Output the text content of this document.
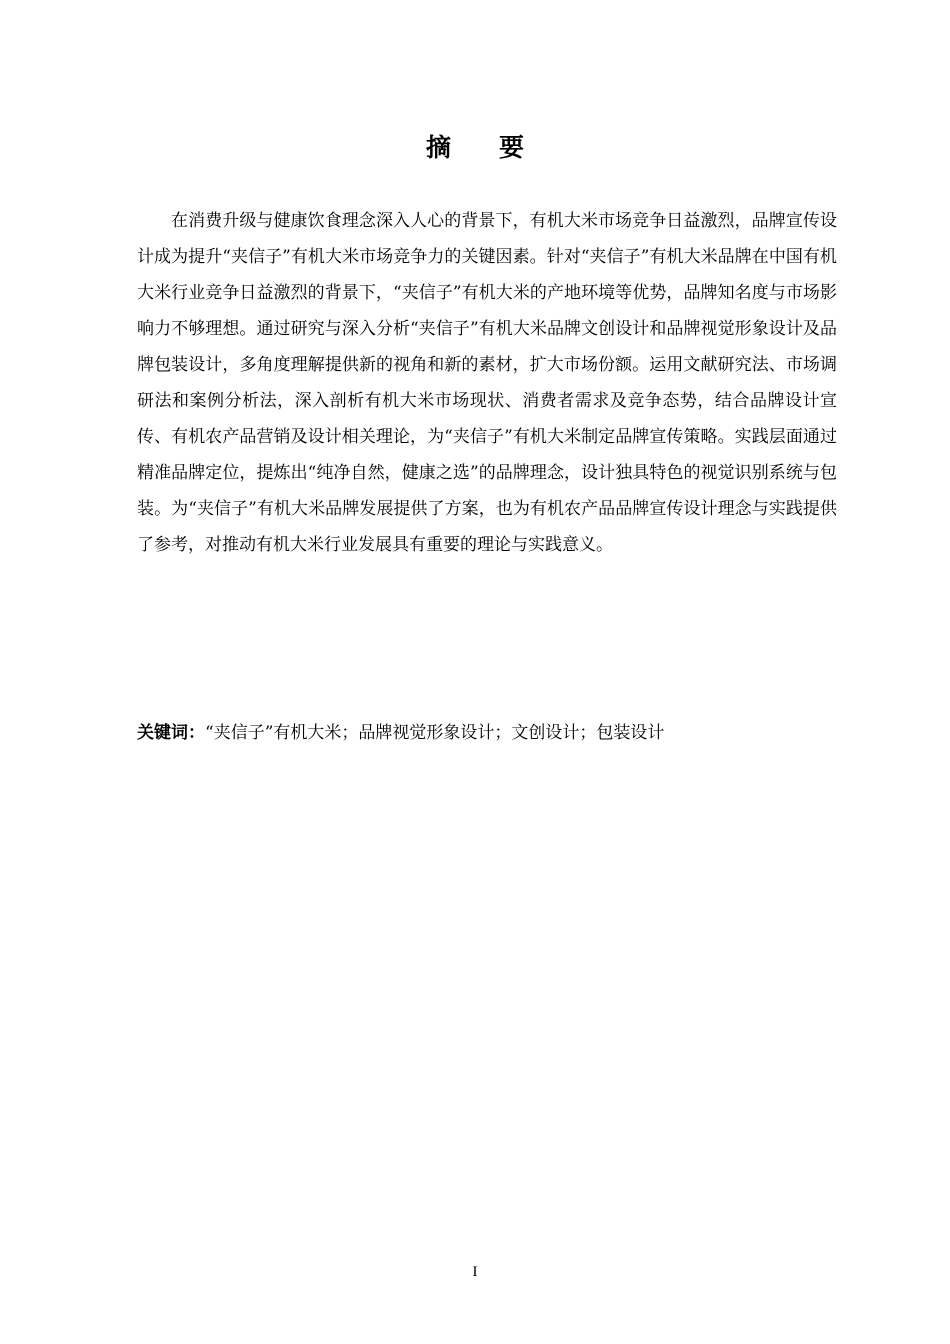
摘 要

在消费升级与健康饮食理念深入人心的背景下，有机大米市场竞争日益激烈，品牌宣传设计成为提升“夹信子”有机大米市场竞争力的关键因素。针对“夹信子”有机大米品牌在中国有机大米行业竞争日益激烈的背景下，“夹信子”有机大米的产地环境等优势，品牌知名度与市场影响力不够理想。通过研究与深入分析“夹信子”有机大米品牌文创设计和品牌视觉形象设计及品牌包装设计，多角度理解提供新的视角和新的素材，扩大市场份额。运用文献研究法、市场调研法和案例分析法，深入剖析有机大米市场现状、消费者需求及竞争态势，结合品牌设计宣传、有机农产品营销及设计相关理论，为“夹信子”有机大米制定品牌宣传策略。实践层面通过精准品牌定位，提炼出“纯净自然，健康之选”的品牌理念，设计独具特色的视觉识别系统与包装。为“夹信子”有机大米品牌发展提供了方案，也为有机农产品品牌宣传设计理念与实践提供了参考，对推动有机大米行业发展具有重要的理论与实践意义。

关键词：“夹信子”有机大米；品牌视觉形象设计；文创设计；包装设计

I
